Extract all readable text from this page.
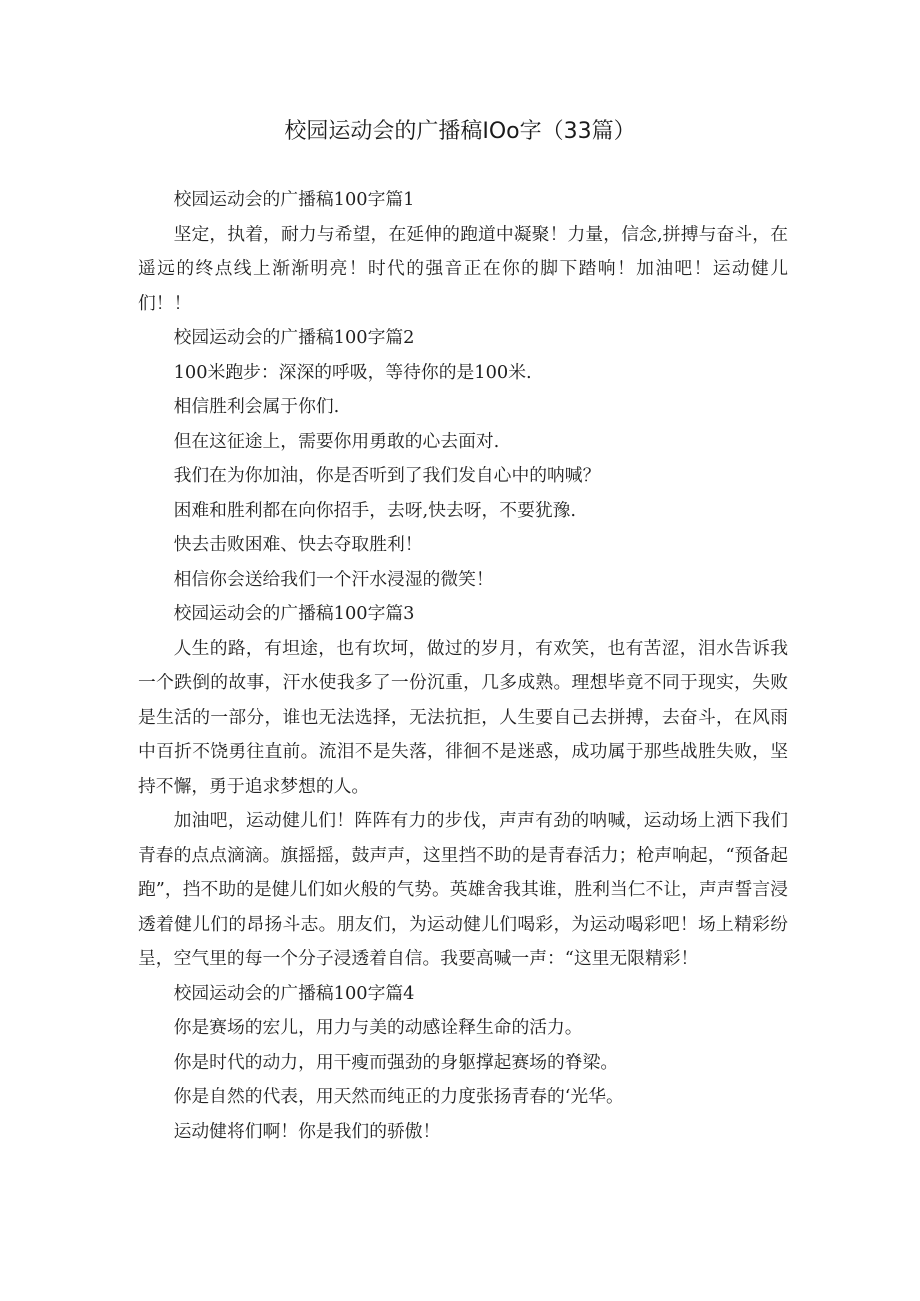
校园运动会的广播稿IOo字（33篇）

校园运动会的广播稿100字篇1

坚定，执着，耐力与希望，在延伸的跑道中凝聚！力量，信念,拼搏与奋斗，在遥远的终点线上渐渐明亮！时代的强音正在你的脚下踏响！加油吧！运动健儿们！！

校园运动会的广播稿100字篇2

100米跑步：深深的呼吸，等待你的是100米.

相信胜利会属于你们.

但在这征途上，需要你用勇敢的心去面对.

我们在为你加油，你是否听到了我们发自心中的呐喊？

困难和胜利都在向你招手，去呀,快去呀，不要犹豫.

快去击败困难、快去夺取胜利！

相信你会送给我们一个汗水浸湿的微笑！

校园运动会的广播稿100字篇3

人生的路，有坦途，也有坎坷，做过的岁月，有欢笑，也有苦涩，泪水告诉我一个跌倒的故事，汗水使我多了一份沉重，几多成熟。理想毕竟不同于现实，失败是生活的一部分，谁也无法选择，无法抗拒，人生要自己去拼搏，去奋斗，在风雨中百折不饶勇往直前。流泪不是失落，徘徊不是迷惑，成功属于那些战胜失败，坚持不懈，勇于追求梦想的人。

加油吧，运动健儿们！阵阵有力的步伐，声声有劲的呐喊，运动场上洒下我们青春的点点滴滴。旗摇摇，鼓声声，这里挡不助的是青春活力；枪声响起，“预备起跑”，挡不助的是健儿们如火般的气势。英雄舍我其谁，胜利当仁不让，声声誓言浸透着健儿们的昂扬斗志。朋友们，为运动健儿们喝彩，为运动喝彩吧！场上精彩纷呈，空气里的每一个分子浸透着自信。我要高喊一声：“这里无限精彩！

校园运动会的广播稿100字篇4

你是赛场的宏儿，用力与美的动感诠释生命的活力。

你是时代的动力，用干瘦而强劲的身躯撑起赛场的脊梁。

你是自然的代表，用天然而纯正的力度张扬青春的‘光华。

运动健将们啊！你是我们的骄傲！
